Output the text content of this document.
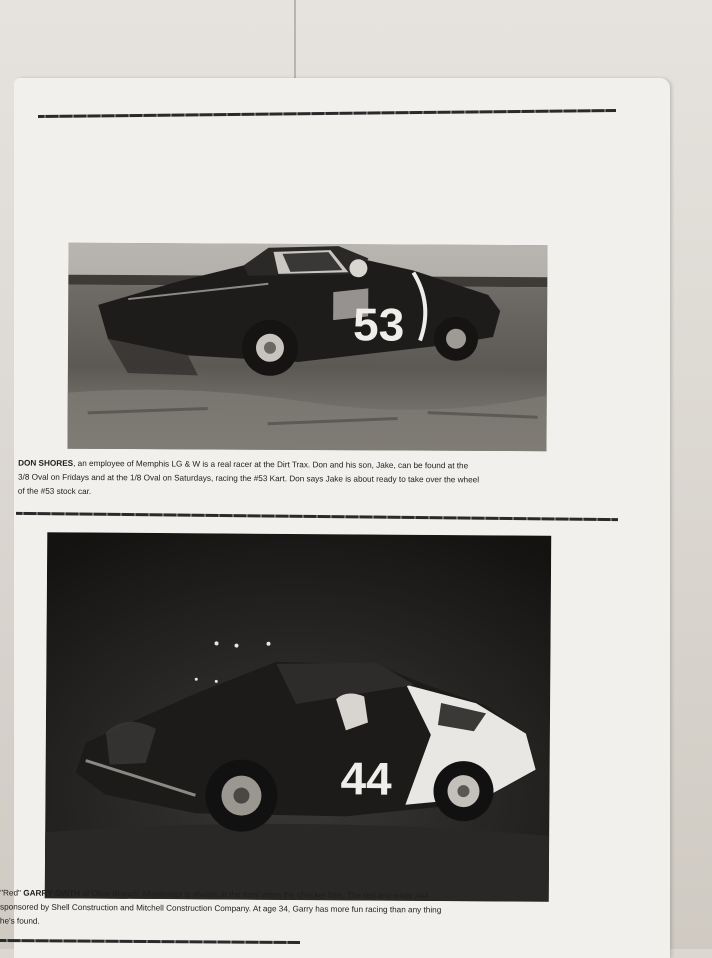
53

DON SHORES, an employee of Memphis LG & W is a real racer at the Dirt Trax. Don and his son, Jake, can be found at the
3/8 Oval on Fridays and at the 1/8 Oval on Saturdays, racing the #53 Kart. Don says Jake is about ready to take over the wheel
of the #53 stock car.

44

"Red" GARRY SMITH of Olive Branch, Mississippi is always at the front when the checker falls. The red and white #44
sponsored by Shell Construction and Mitchell Construction Company. At age 34, Garry has more fun racing than any thing
he's found.
